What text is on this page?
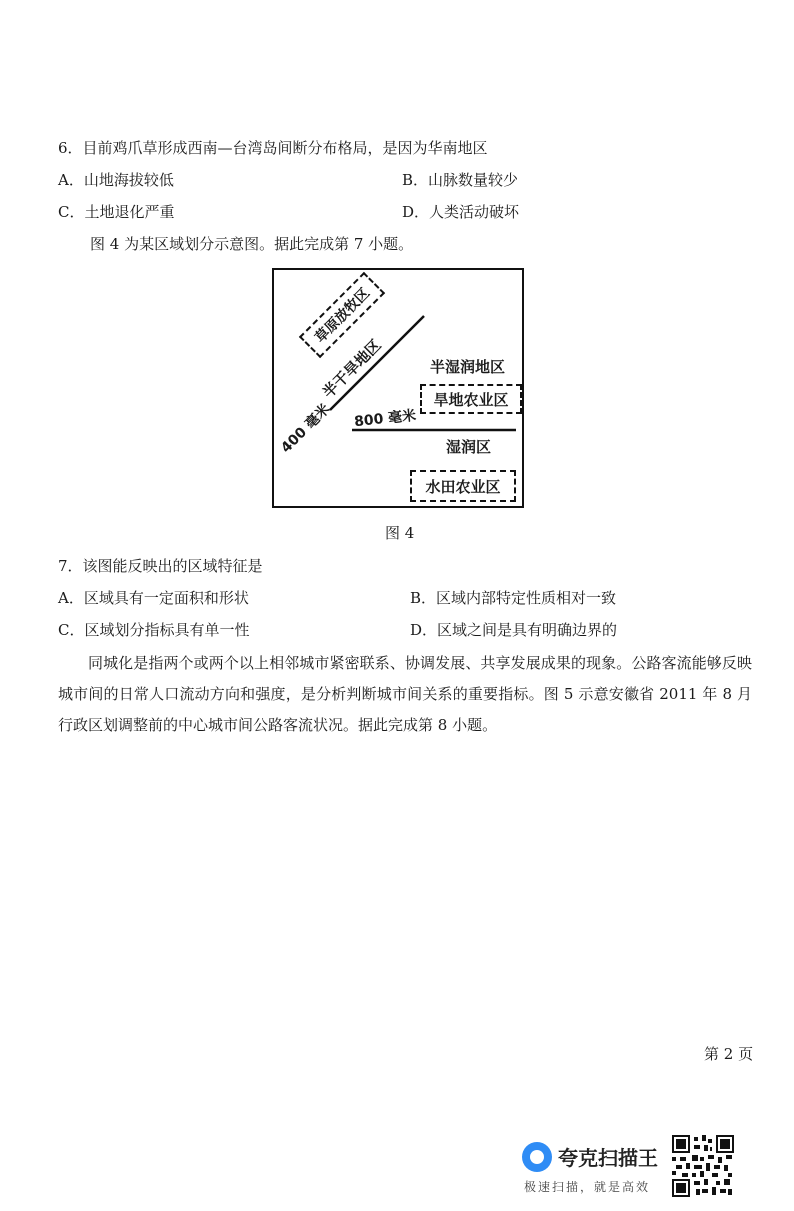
6．目前鸡爪草形成西南—台湾岛间断分布格局，是因为华南地区
A．山地海拔较低	B．山脉数量较少
C．土地退化严重	D．人类活动破坏
图 4 为某区域划分示意图。据此完成第 7 小题。
草原放牧区
半干旱地区
400 毫米
半湿润地区
旱地农业区
800 毫米
湿润区
水田农业区
图 4
7．该图能反映出的区域特征是
A．区域具有一定面积和形状	B．区域内部特定性质相对一致
C．区域划分指标具有单一性	D．区域之间是具有明确边界的
同城化是指两个或两个以上相邻城市紧密联系、协调发展、共享发展成果的现象。公路客流能够反映城市间的日常人口流动方向和强度，是分析判断城市间关系的重要指标。图 5 示意安徽省 2011 年 8 月行政区划调整前的中心城市间公路客流状况。据此完成第 8 小题。
第 2 页
夸克扫描王
极速扫描，就是高效
